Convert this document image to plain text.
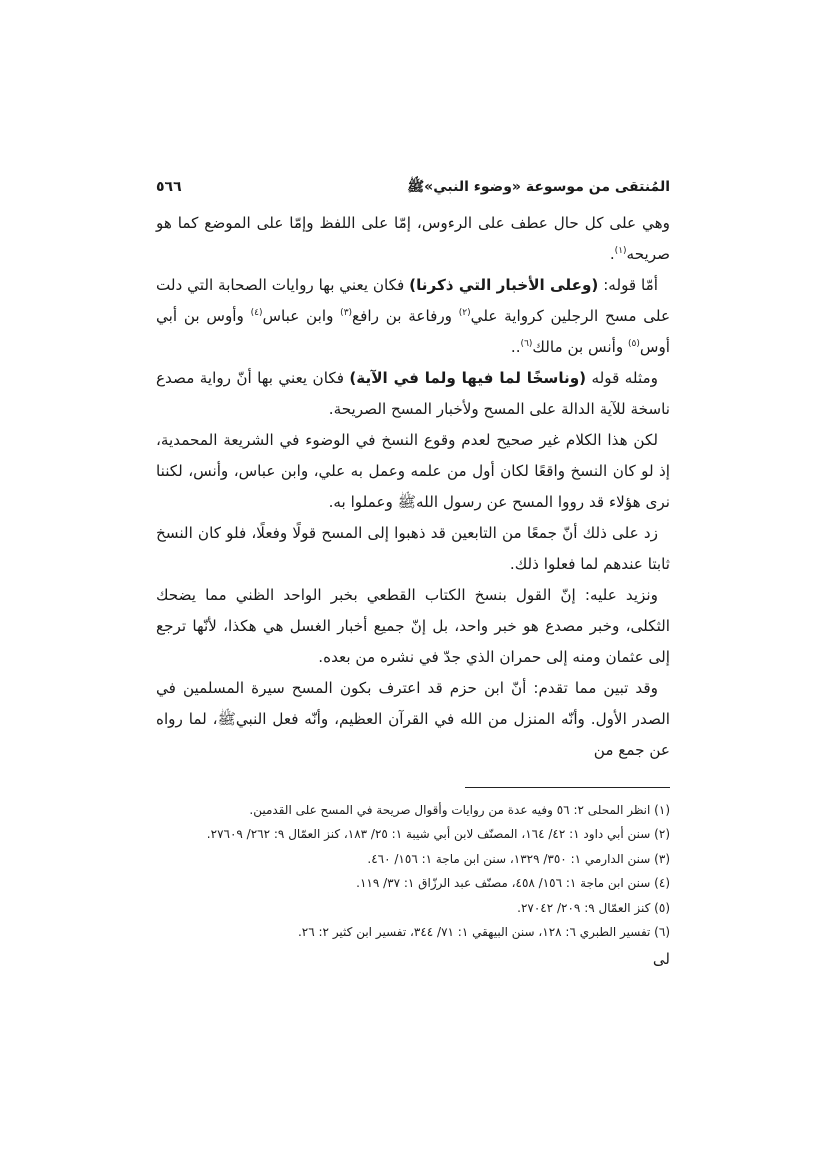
المُنتقى من موسوعة «وضوء النبي»ﷺ
٥٦٦

وهي على كل حال عطف على الرءوس، إمّا على اللفظ وإمّا على الموضع كما هو صريحه$^{(١)}$.

أمّا قوله: (وعلى الأخبار التي ذكرنا) فكان يعني بها روايات الصحابة التي دلت على مسح الرجلين كرواية علي$^{(٢)}$ ورفاعة بن رافع$^{(٣)}$ وابن عباس$^{(٤)}$ وأوس بن أبي أوس$^{(٥)}$ وأنس بن مالك$^{(٦)}$..

ومثله قوله (وناسخًا لما فيها ولما في الآية) فكان يعني بها أنّ رواية مصدع ناسخة للآية الدالة على المسح ولأخبار المسح الصريحة.

لكن هذا الكلام غير صحيح لعدم وقوع النسخ في الوضوء في الشريعة المحمدية، إذ لو كان النسخ واقعًا لكان أول من علمه وعمل به علي، وابن عباس، وأنس، لكننا نرى هؤلاء قد رووا المسح عن رسول الله‌ﷺ وعملوا به.

زد على ذلك أنّ جمعًا من التابعين قد ذهبوا إلى المسح قولًا وفعلًا، فلو كان النسخ ثابتا عندهم لما فعلوا ذلك.

ونزيد عليه: إنّ القول بنسخ الكتاب القطعي بخبر الواحد الظني مما يضحك الثكلى، وخبر مصدع هو خبر واحد، بل إنّ جميع أخبار الغسل هي هكذا، لأنّها ترجع إلى عثمان ومنه إلى حمران الذي جدّ في نشره من بعده.

وقد تبين مما تقدم: أنّ ابن حزم قد اعترف بكون المسح سيرة المسلمين في الصدر الأول. وأنّه المنزل من الله في القرآن العظيم، وأنّه فعل النبيﷺ، لما رواه عن جمع من

(١) انظر المحلى ٢: ٥٦ وفيه عدة من روايات وأقوال صريحة في المسح على القدمين.
(٢) سنن أبي داود ١: ٤٢/ ١٦٤، المصنّف لابن أبي شيبة ١: ٢٥/ ١٨٣، كنز العمّال ٩: ٢٦٢/ ٢٧٦٠٩.
(٣) سنن الدارمي ١: ٣٥٠/ ١٣٢٩، سنن ابن ماجة ١: ١٥٦/ ٤٦٠.
(٤) سنن ابن ماجة ١: ١٥٦/ ٤٥٨، مصنّف عبد الرزّاق ١: ٣٧/ ١١٩.
(٥) كنز العمّال ٩: ٢٠٩/ ٢٧٠٤٢.
(٦) تفسير الطبري ٦: ١٢٨، سنن البيهقي ١: ٧١/ ٣٤٤، تفسير ابن كثير ٢: ٢٦.
لى
